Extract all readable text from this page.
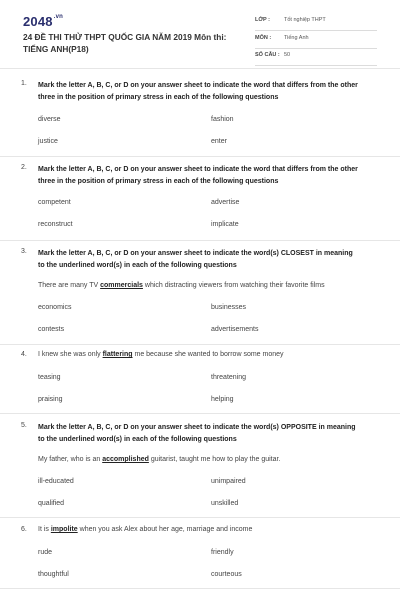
$2048^{.vn}$
24 ĐỀ THI THỬ THPT QUỐC GIA NĂM 2019 Môn thi: TIẾNG ANH(P18)
LỚP :	Tốt nghiệp THPT
MÔN : Tiếng Anh
SỐ CÂU : 50
1. Mark the letter A, B, C, or D on your answer sheet to indicate the word that differs from the other three in the position of primary stress in each of the following questions
diverse	fashion
justice	enter
2. Mark the letter A, B, C, or D on your answer sheet to indicate the word that differs from the other three in the position of primary stress in each of the following questions
competent	advertise
reconstruct	implicate
3. Mark the letter A, B, C, or D on your answer sheet to indicate the word(s) CLOSEST in meaning to the underlined word(s) in each of the following questions
There are many TV commercials which distracting viewers from watching their favorite films
economics	businesses
contests	advertisements
4. I knew she was only flattering me because she wanted to borrow some money
teasing	threatening
praising	helping
5. Mark the letter A, B, C, or D on your answer sheet to indicate the word(s) OPPOSITE in meaning to the underlined word(s) in each of the following questions
My father, who is an accomplished guitarist, taught me how to play the guitar.
ill-educated	unimpaired
qualified	unskilled
6. It is impolite when you ask Alex about her age, marriage and income
rude	friendly
thoughtful	courteous
